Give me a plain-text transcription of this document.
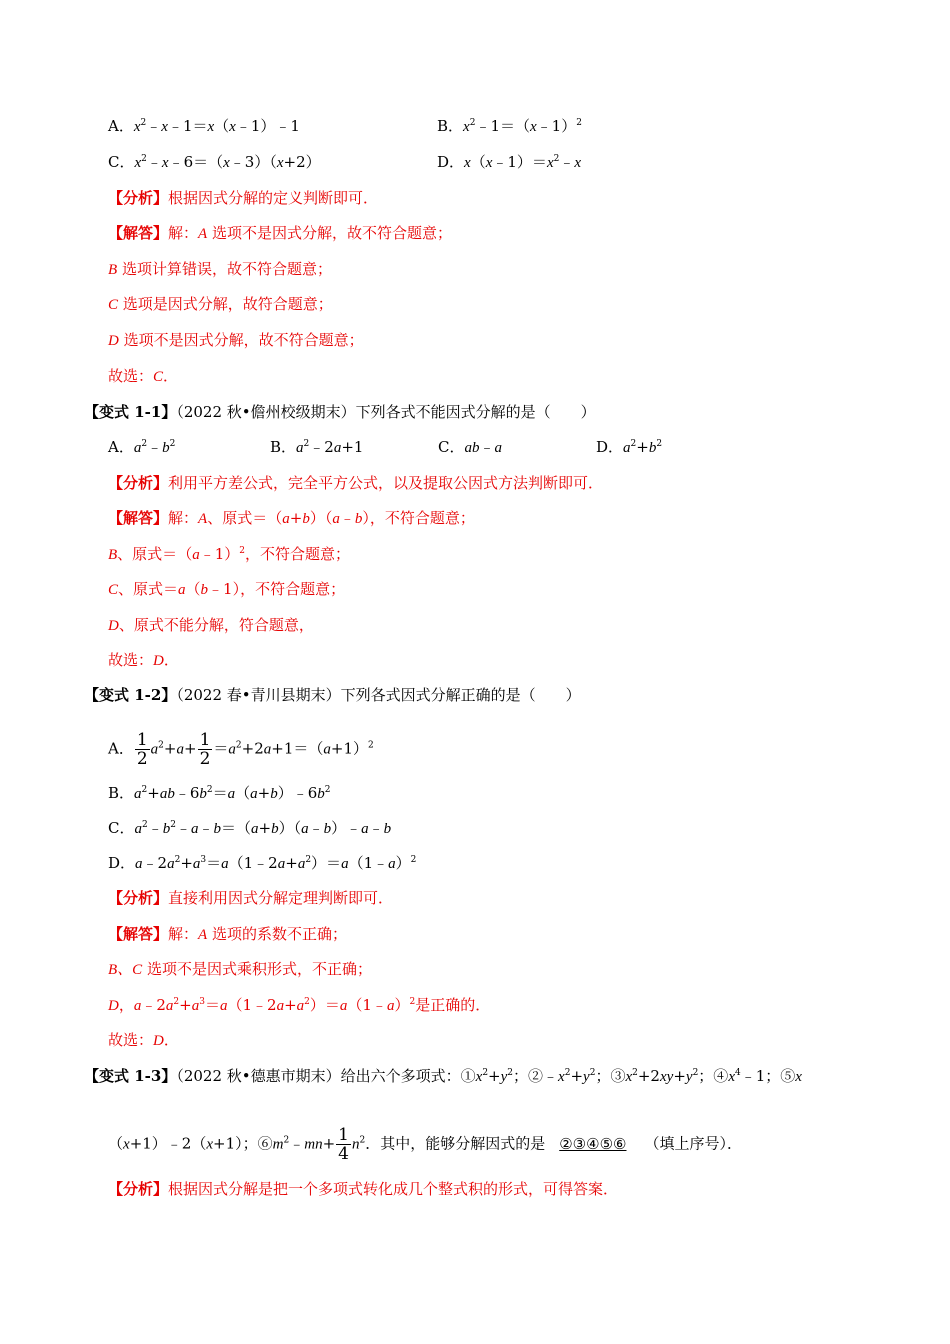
A．$x^2﹣x﹣1=x(x﹣1)﹣1$	B．$x^2﹣1=(x﹣1)^2$
C．$x^2﹣x﹣6=(x﹣3)(x+2)$	D．$x(x﹣1)=x^2﹣x$
【分析】根据因式分解的定义判断即可．
【解答】解：A 选项不是因式分解，故不符合题意；
B 选项计算错误，故不符合题意；
C 选项是因式分解，故符合题意；
D 选项不是因式分解，故不符合题意；
故选：C．
【变式 1-1】（2022 秋•儋州校级期末）下列各式不能因式分解的是（　　）
A．$a^2﹣b^2$	B．$a^2﹣2a+1$	C．ab﹣a	D．$a^2+b^2$
【分析】利用平方差公式，完全平方公式，以及提取公因式方法判断即可．
【解答】解：A、原式＝（a+b）（a﹣b），不符合题意；
B、原式＝（a﹣1）$^2$，不符合题意；
C、原式＝a（b﹣1），不符合题意；
D、原式不能分解，符合题意，
故选：D．
【变式 1-2】（2022 春•青川县期末）下列各式因式分解正确的是（　　）
A． $\frac{1}{2} a^2+a+ \frac{1}{2} =a^2+2a+1=(a+1)^2$
B．$a^2+ab﹣6b^2=a(a+b)﹣6b^2$
C．$a^2﹣b^2﹣a﹣b=(a+b)(a﹣b)﹣a﹣b$
D．$a﹣2a^2+a^3=a(1﹣2a+a^2)=a(1﹣a)^2$
【分析】直接利用因式分解定理判断即可．
【解答】解：A 选项的系数不正确；
B、C 选项不是因式乘积形式，不正确；
D，$a﹣2a^2+a^3=a(1﹣2a+a^2)=a(1﹣a)^2$是正确的．
故选：D．
【变式 1-3】（2022 秋•德惠市期末）给出六个多项式：$①x^2+y^2$；$②﹣x^2+y^2$；$③x^2+2xy+y^2$；$④x^4﹣1$；⑤x
（x+1）﹣2（x+1）；$⑥m^2﹣mn+ \frac{1}{4} n^2$．其中，能够分解因式的是 ②③④⑤⑥ （填上序号）．
【分析】根据因式分解是把一个多项式转化成几个整式积的形式，可得答案．
